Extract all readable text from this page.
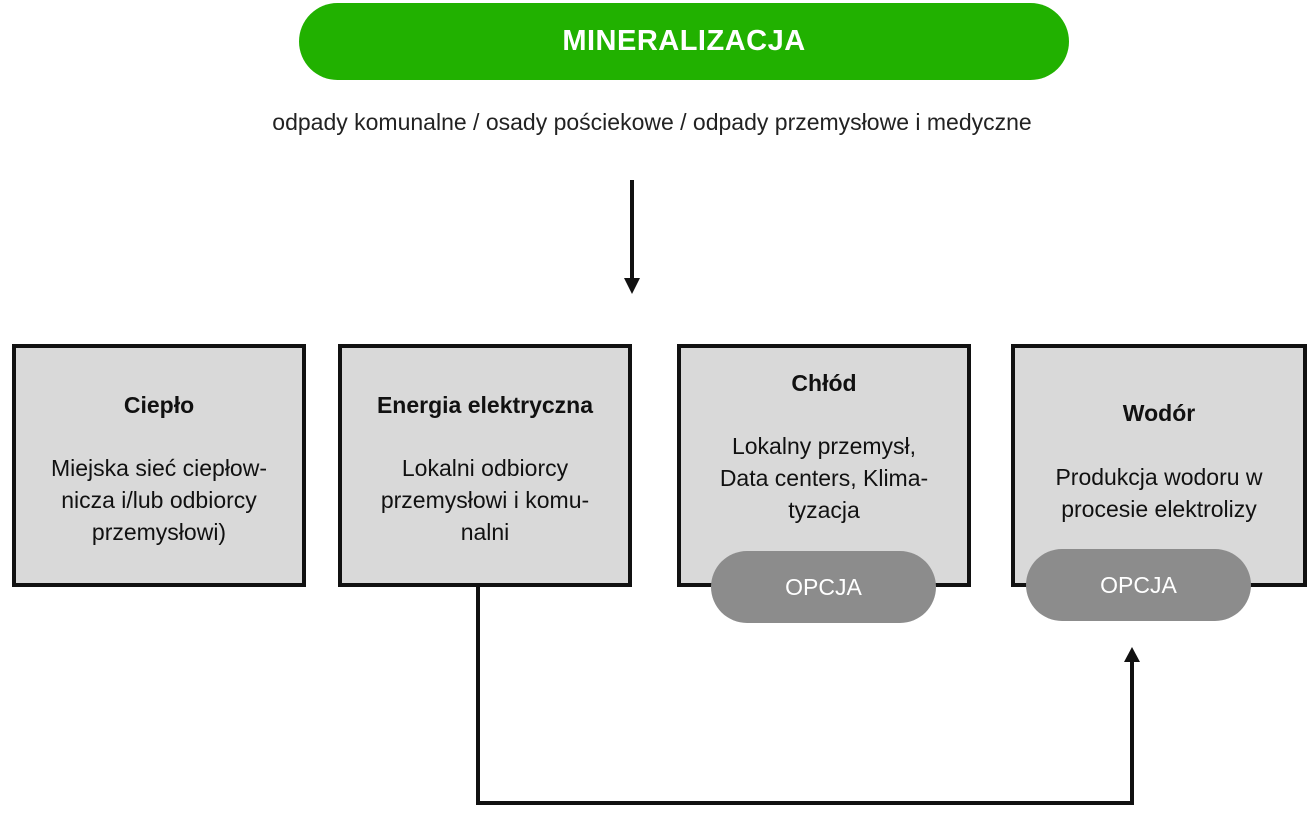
MINERALIZACJA
odpady komunalne / osady pościekowe / odpady przemysłowe i medyczne
Ciepło
Miejska sieć ciepłow-
nicza i/lub odbiorcy
przemysłowi)
Energia elektryczna
Lokalni odbiorcy
przemysłowi i komu-
nalni
Chłód
Lokalny przemysł,
Data centers, Klima-
tyzacja
Wodór
Produkcja wodoru w
procesie elektrolizy
OPCJA	OPCJA
